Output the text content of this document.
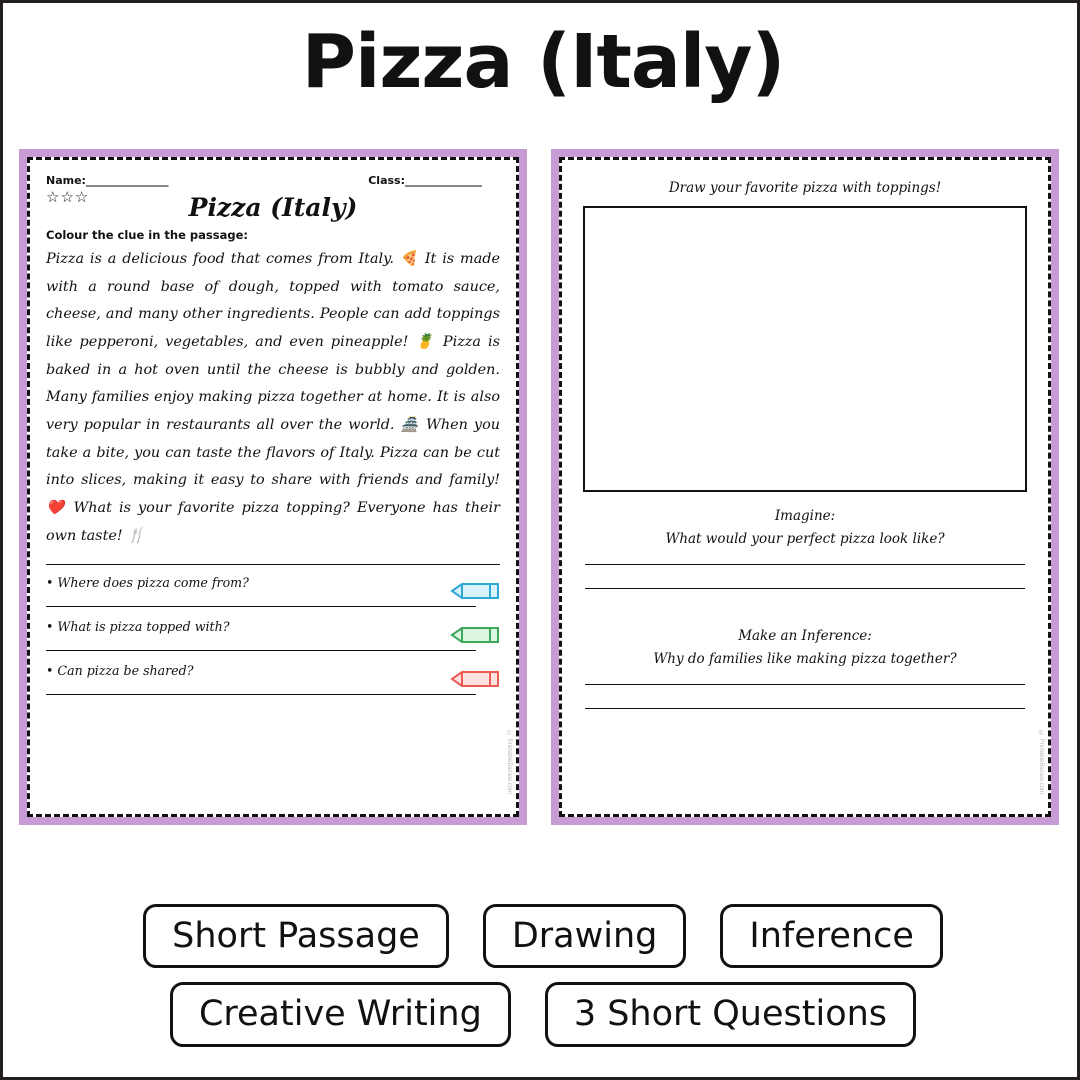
Pizza (Italy)
Name:_______________	Class:______________
☆☆☆	Pizza (Italy)
Colour the clue in the passage:
Pizza is a delicious food that comes from Italy. 🍕 It is made with a round base of dough, topped with tomato sauce, cheese, and many other ingredients. People can add toppings like pepperoni, vegetables, and even pineapple! 🍍 Pizza is baked in a hot oven until the cheese is bubbly and golden. Many families enjoy making pizza together at home. It is also very popular in restaurants all over the world. 🏯 When you take a bite, you can taste the flavors of Italy. Pizza can be cut into slices, making it easy to share with friends and family! ❤️ What is your favorite pizza topping? Everyone has their own taste! 🍴
• Where does pizza come from?
• What is pizza topped with?
• Can pizza be shared?
© PrintableBazaar.com
Draw your favorite pizza with toppings!
Imagine:
What would your perfect pizza look like?
Make an Inference:
Why do families like making pizza together?
© PrintableBazaar.com
Short Passage	Drawing	Inference
Creative Writing	3 Short Questions
